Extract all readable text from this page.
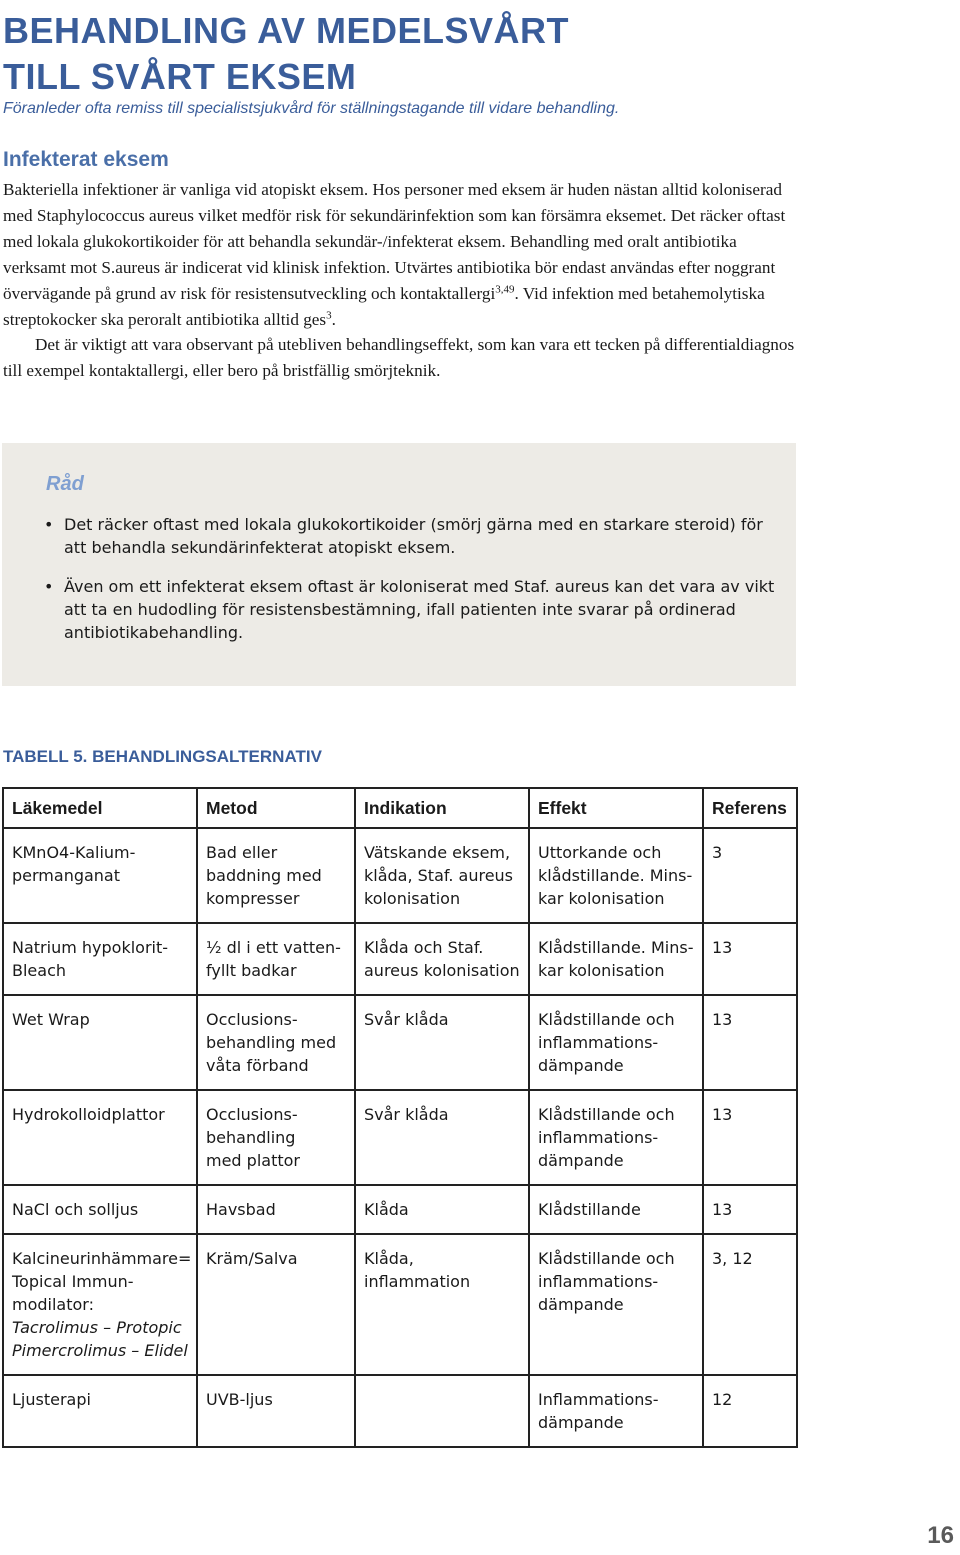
BEHANDLING AV MEDELSVÅRT
TILL SVÅRT EKSEM

Föranleder ofta remiss till specialistsjukvård för ställningstagande till vidare behandling.

Infekterat eksem

Bakteriella infektioner är vanliga vid atopiskt eksem. Hos personer med eksem är huden nästan alltid koloniserad med Staphylococcus aureus vilket medför risk för sekundärinfektion som kan försämra eksemet. Det räcker oftast med lokala glukokortikoider för att behandla sekundär-/infekterat eksem. Behandling med oralt antibiotika verksamt mot S.aureus är indicerat vid klinisk infektion. Utvärtes antibiotika bör endast användas efter noggrant övervägande på grund av risk för resistensutveckling och kontaktallergi$^{3,49}$. Vid infektion med betahemolytiska streptokocker ska peroralt antibiotika alltid ges$^3$.

Det är viktigt att vara observant på utebliven behandlingseffekt, som kan vara ett tecken på differentialdiagnos till exempel kontaktallergi, eller bero på bristfällig smörjteknik.

Råd
• Det räcker oftast med lokala glukokortikoider (smörj gärna med en starkare steroid) för att behandla sekundärinfekterat atopiskt eksem.
• Även om ett infekterat eksem oftast är koloniserat med Staf. aureus kan det vara av vikt att ta en hudodling för resistensbestämning, ifall patienten inte svarar på ordinerad antibiotikabehandling.
TABELL 5. BEHANDLINGSALTERNATIV
Läkemedel	Metod	Indikation	Effekt	Referens

KMnO4-Kalium-
permanganat	Bad eller
baddning med
kompresser	Vätskande eksem,
klåda, Staf. aureus
kolonisation	Uttorkande och
klådstillande. Mins-
kar kolonisation	3

Natrium hypoklorit-
Bleach	½ dl i ett vatten-
fyllt badkar	Klåda och Staf.
aureus kolonisation	Klådstillande. Mins-
kar kolonisation	13

Wet Wrap	Occlusions-
behandling med
våta förband	Svår klåda	Klådstillande och
inflammations-
dämpande	13

Hydrokolloidplattor	Occlusions-
behandling
med plattor	Svår klåda	Klådstillande och
inflammations-
dämpande	13

NaCl och solljus	Havsbad	Klåda	Klådstillande	13

Kalcineurinhämmare=
Topical Immun-
modilator:
Tacrolimus – Protopic
Pimercrolimus – Elidel	Kräm/Salva	Klåda,
inflammation	Klådstillande och
inflammations-
dämpande	3, 12

Ljusterapi	UVB-ljus		Inflammations-
dämpande	12

16
